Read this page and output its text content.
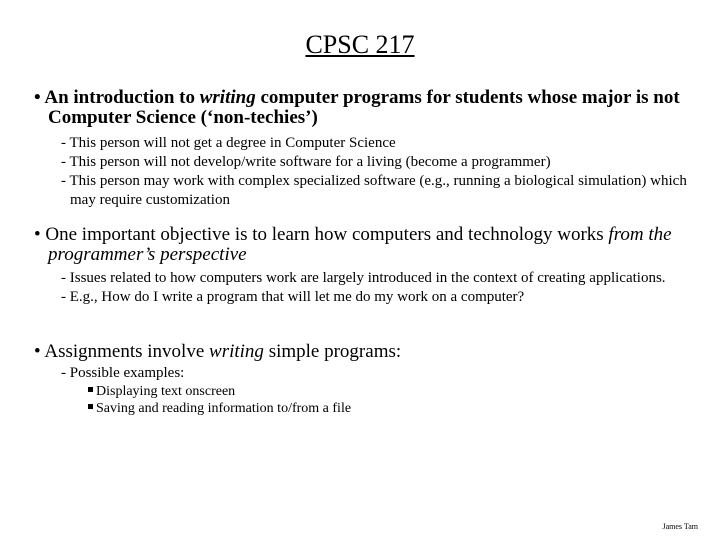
CPSC 217

• An introduction to writing computer programs for students whose major is not Computer Science (‘non-techies’)

- This person will not get a degree in Computer Science

- This person will not develop/write software for a living (become a programmer)

- This person may work with complex specialized software (e.g., running a biological simulation) which may require customization

• One important objective is to learn how computers and technology works from the programmer’s perspective

- Issues related to how computers work are largely introduced in the context of creating applications.

- E.g., How do I write a program that will let me do my work on a computer?

• Assignments involve writing simple programs:

- Possible examples:

Displaying text onscreen

Saving and reading information to/from a file

James Tam
